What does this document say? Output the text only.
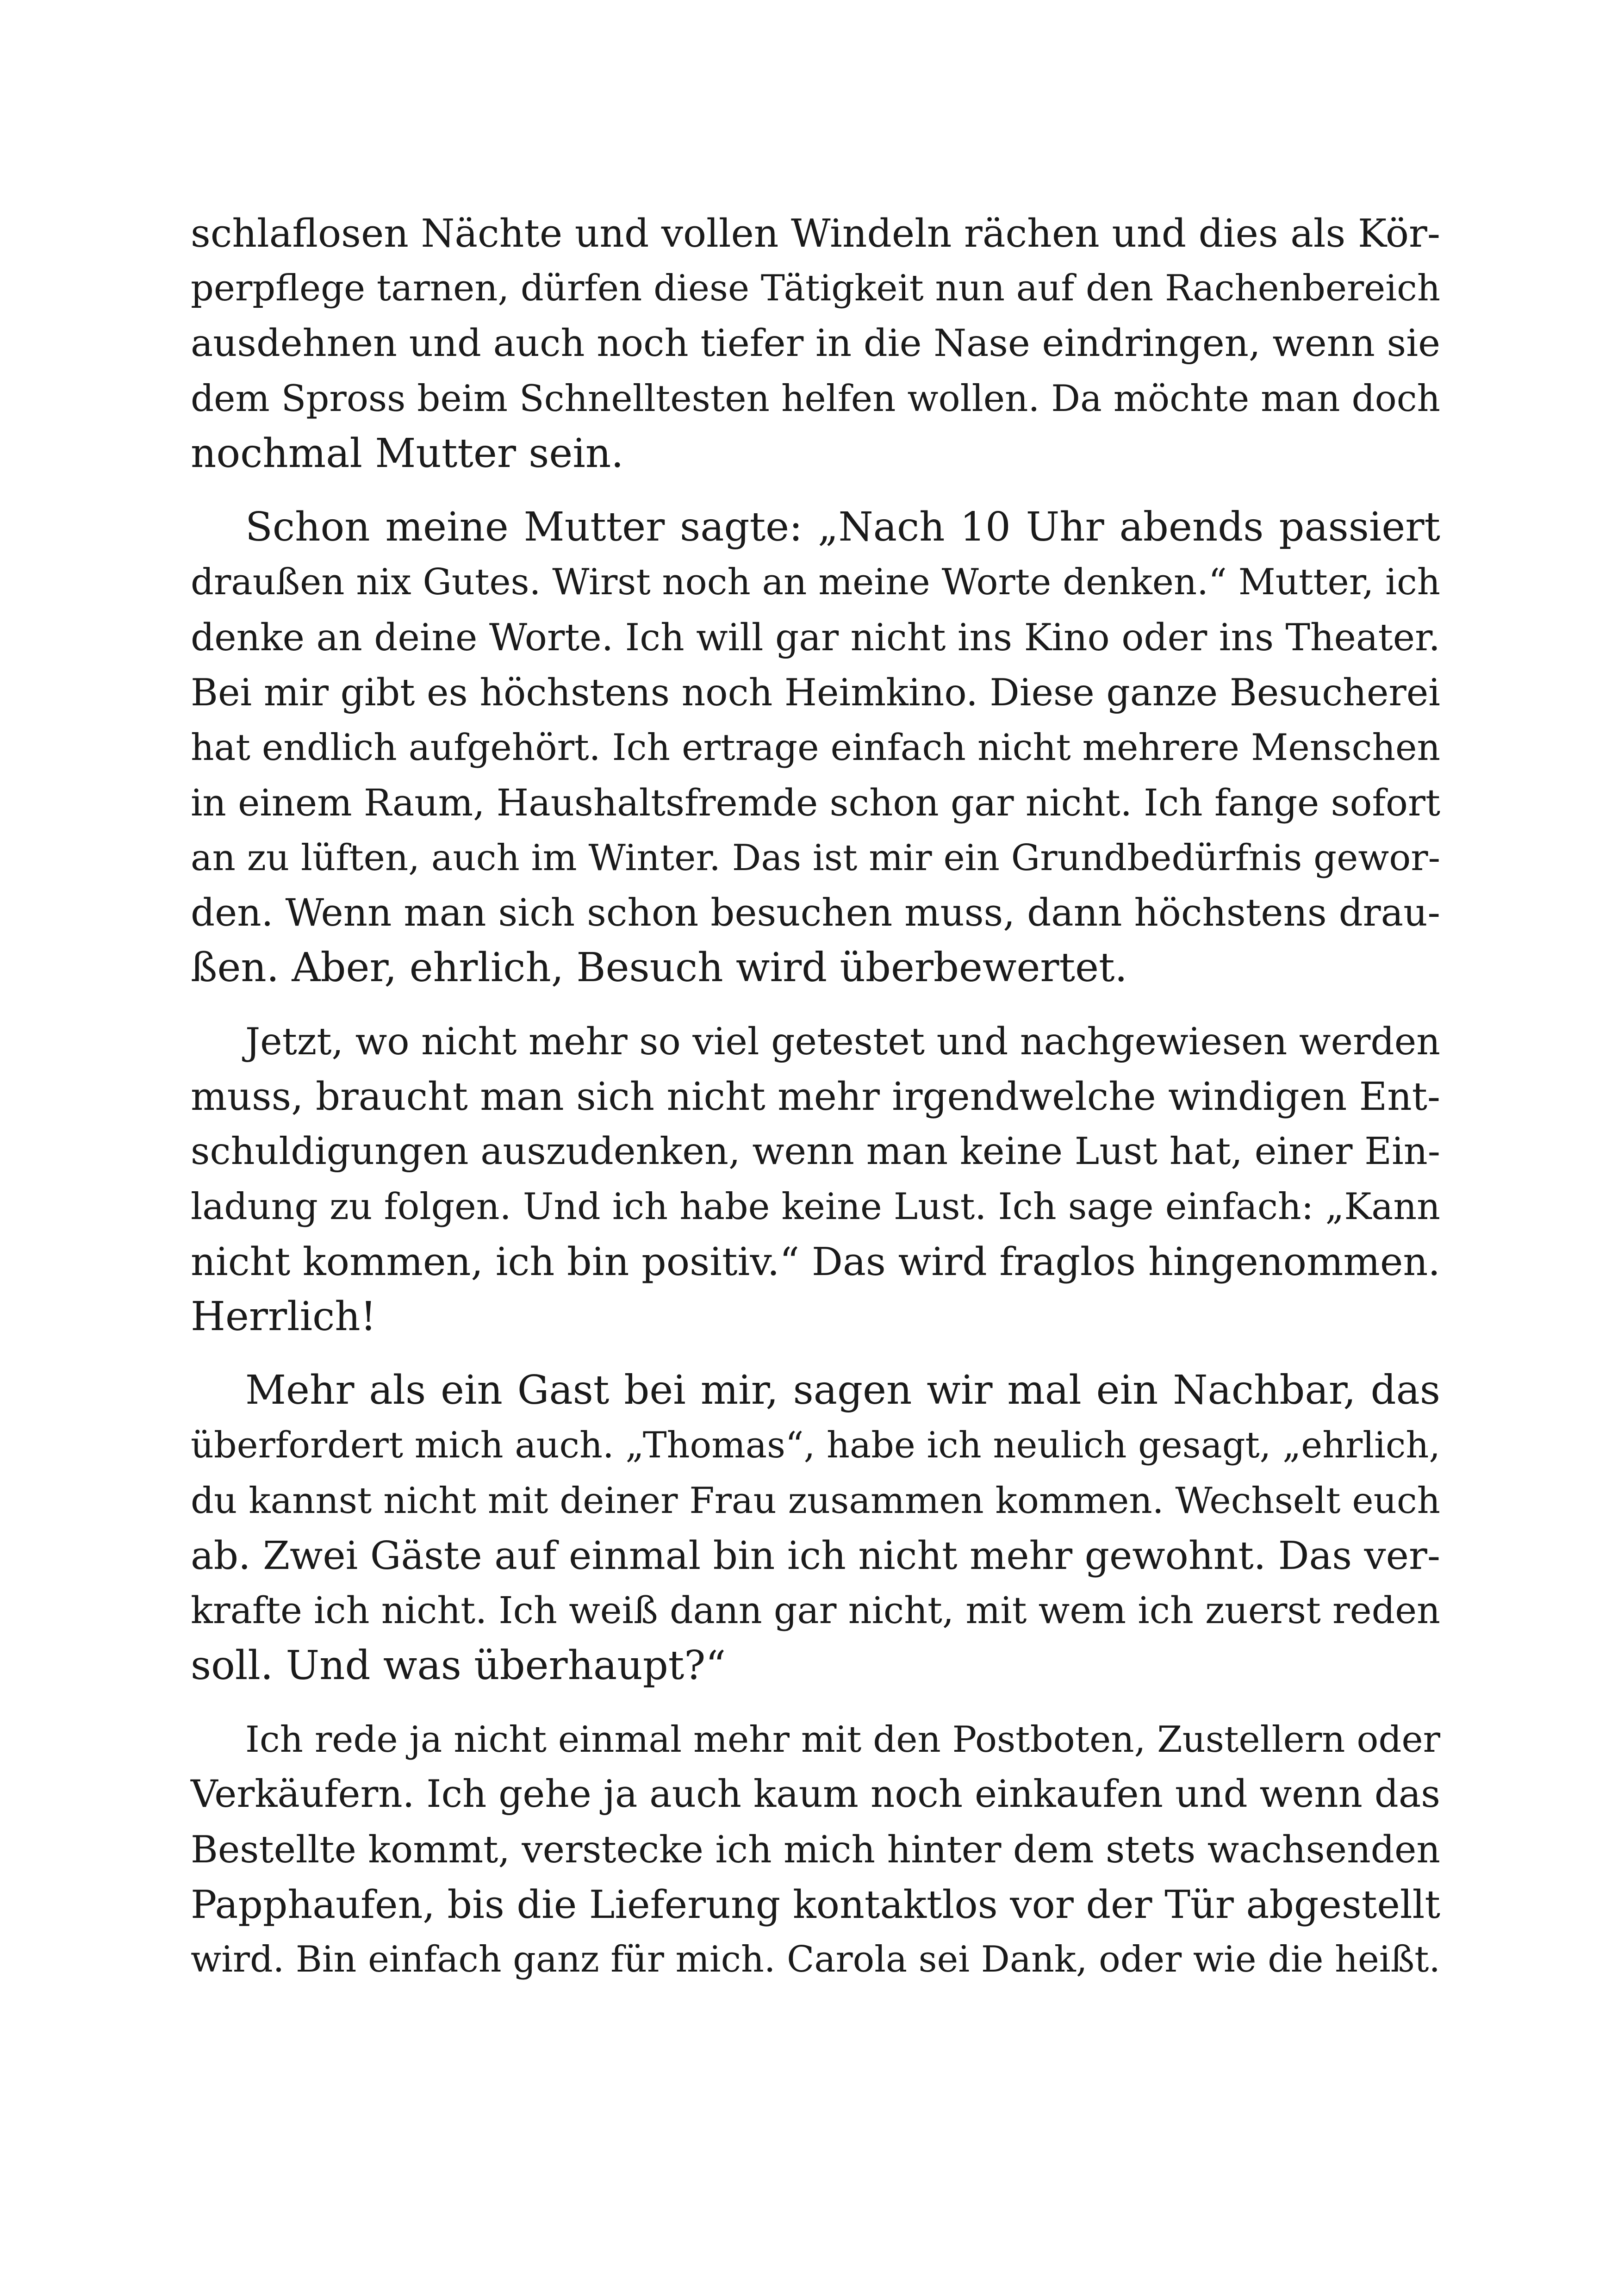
schlaflosen Nächte und vollen Windeln rächen und dies als Kör-
perpflege tarnen, dürfen diese Tätigkeit nun auf den Rachenbereich
ausdehnen und auch noch tiefer in die Nase eindringen, wenn sie
dem Spross beim Schnelltesten helfen wollen. Da möchte man doch
nochmal Mutter sein.
Schon meine Mutter sagte: „Nach 10 Uhr abends passiert
draußen nix Gutes. Wirst noch an meine Worte denken.“ Mutter, ich
denke an deine Worte. Ich will gar nicht ins Kino oder ins Theater.
Bei mir gibt es höchstens noch Heimkino. Diese ganze Besucherei
hat endlich aufgehört. Ich ertrage einfach nicht mehrere Menschen
in einem Raum, Haushaltsfremde schon gar nicht. Ich fange sofort
an zu lüften, auch im Winter. Das ist mir ein Grundbedürfnis gewor-
den. Wenn man sich schon besuchen muss, dann höchstens drau-
ßen. Aber, ehrlich, Besuch wird überbewertet.
Jetzt, wo nicht mehr so viel getestet und nachgewiesen werden
muss, braucht man sich nicht mehr irgendwelche windigen Ent-
schuldigungen auszudenken, wenn man keine Lust hat, einer Ein-
ladung zu folgen. Und ich habe keine Lust. Ich sage einfach: „Kann
nicht kommen, ich bin positiv.“ Das wird fraglos hingenommen.
Herrlich!
Mehr als ein Gast bei mir, sagen wir mal ein Nachbar, das
überfordert mich auch. „Thomas“, habe ich neulich gesagt, „ehrlich,
du kannst nicht mit deiner Frau zusammen kommen. Wechselt euch
ab. Zwei Gäste auf einmal bin ich nicht mehr gewohnt. Das ver-
krafte ich nicht. Ich weiß dann gar nicht, mit wem ich zuerst reden
soll. Und was überhaupt?“
Ich rede ja nicht einmal mehr mit den Postboten, Zustellern oder
Verkäufern. Ich gehe ja auch kaum noch einkaufen und wenn das
Bestellte kommt, verstecke ich mich hinter dem stets wachsenden
Papphaufen, bis die Lieferung kontaktlos vor der Tür abgestellt
wird. Bin einfach ganz für mich. Carola sei Dank, oder wie die heißt.
